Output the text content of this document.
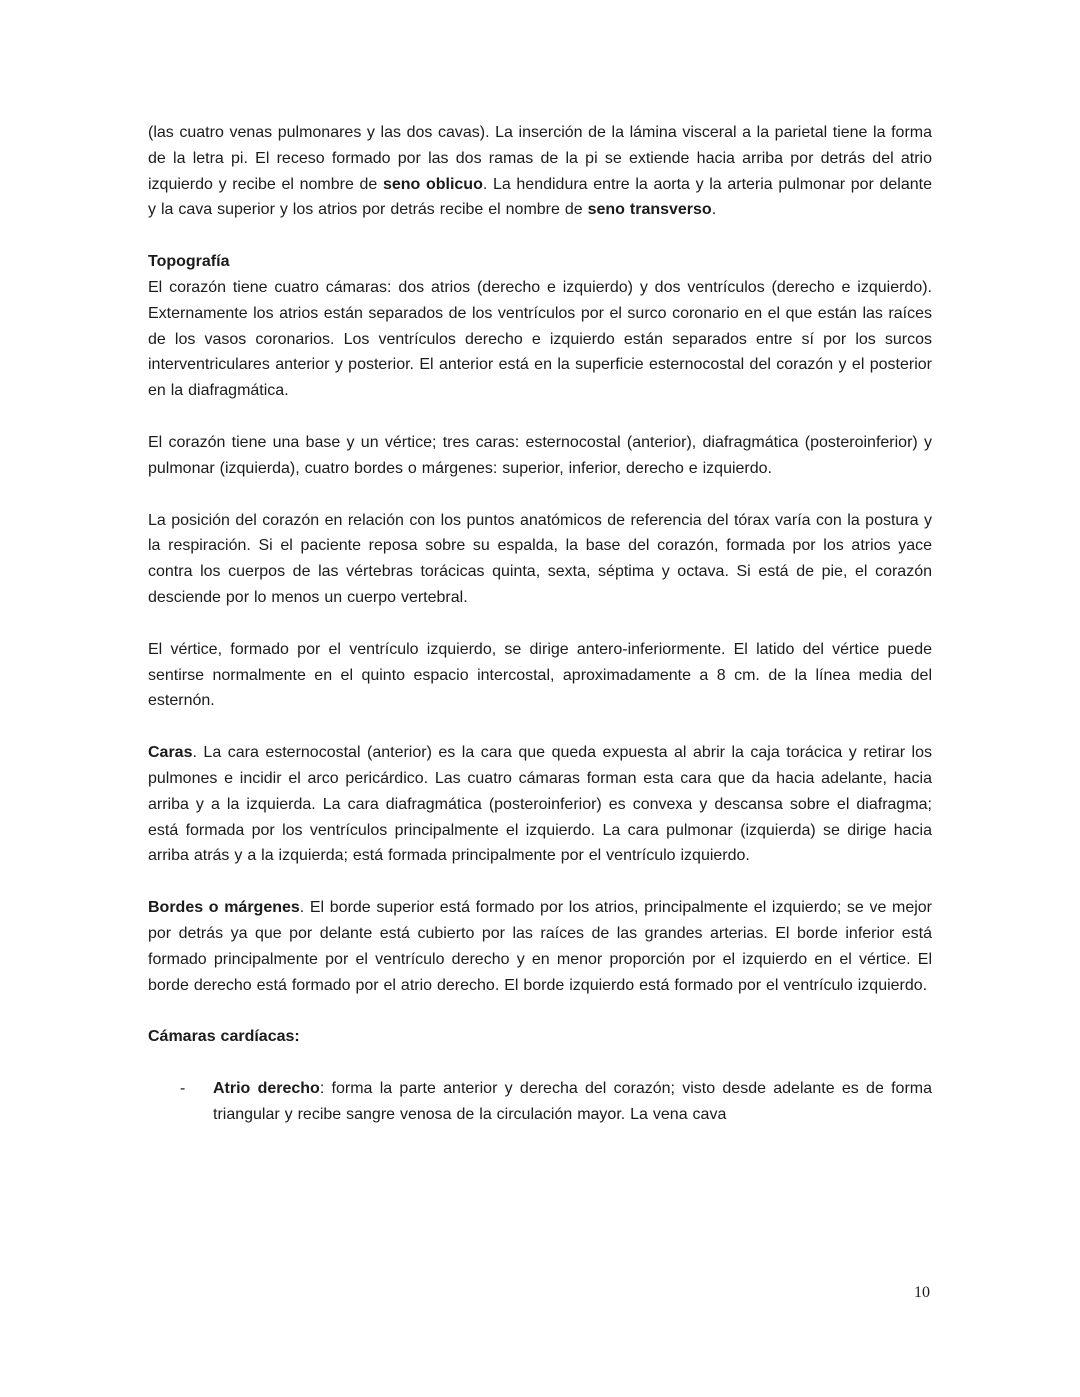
(las cuatro venas pulmonares y las dos cavas). La inserción de la lámina visceral a la parietal tiene la forma de la letra pi. El receso formado por las dos ramas de la pi se extiende hacia arriba por detrás del atrio izquierdo y recibe el nombre de seno oblicuo. La hendidura entre la aorta y la arteria pulmonar por delante y la cava superior y los atrios por detrás recibe el nombre de seno transverso.

Topografía

El corazón tiene cuatro cámaras: dos atrios (derecho e izquierdo) y dos ventrículos (derecho e izquierdo). Externamente los atrios están separados de los ventrículos por el surco coronario en el que están las raíces de los vasos coronarios. Los ventrículos derecho e izquierdo están separados entre sí por los surcos interventriculares anterior y posterior. El anterior está en la superficie esternocostal del corazón y el posterior en la diafragmática.

El corazón tiene una base y un vértice; tres caras: esternocostal (anterior), diafragmática (posteroinferior) y pulmonar (izquierda), cuatro bordes o márgenes: superior, inferior, derecho e izquierdo.

La posición del corazón en relación con los puntos anatómicos de referencia del tórax varía con la postura y la respiración. Si el paciente reposa sobre su espalda, la base del corazón, formada por los atrios yace contra los cuerpos de las vértebras torácicas quinta, sexta, séptima y octava. Si está de pie, el corazón desciende por lo menos un cuerpo vertebral.

El vértice, formado por el ventrículo izquierdo, se dirige antero-inferiormente. El latido del vértice puede sentirse normalmente en el quinto espacio intercostal, aproximadamente a 8 cm. de la línea media del esternón.

Caras. La cara esternocostal (anterior) es la cara que queda expuesta al abrir la caja torácica y retirar los pulmones e incidir el arco pericárdico. Las cuatro cámaras forman esta cara que da hacia adelante, hacia arriba y a la izquierda. La cara diafragmática (posteroinferior) es convexa y descansa sobre el diafragma; está formada por los ventrículos principalmente el izquierdo. La cara pulmonar (izquierda) se dirige hacia arriba atrás y a la izquierda; está formada principalmente por el ventrículo izquierdo.

Bordes o márgenes. El borde superior está formado por los atrios, principalmente el izquierdo; se ve mejor por detrás ya que por delante está cubierto por las raíces de las grandes arterias. El borde inferior está formado principalmente por el ventrículo derecho y en menor proporción por el izquierdo en el vértice. El borde derecho está formado por el atrio derecho. El borde izquierdo está formado por el ventrículo izquierdo.

Cámaras cardíacas:

- Atrio derecho: forma la parte anterior y derecha del corazón; visto desde adelante es de forma triangular y recibe sangre venosa de la circulación mayor. La vena cava
10
